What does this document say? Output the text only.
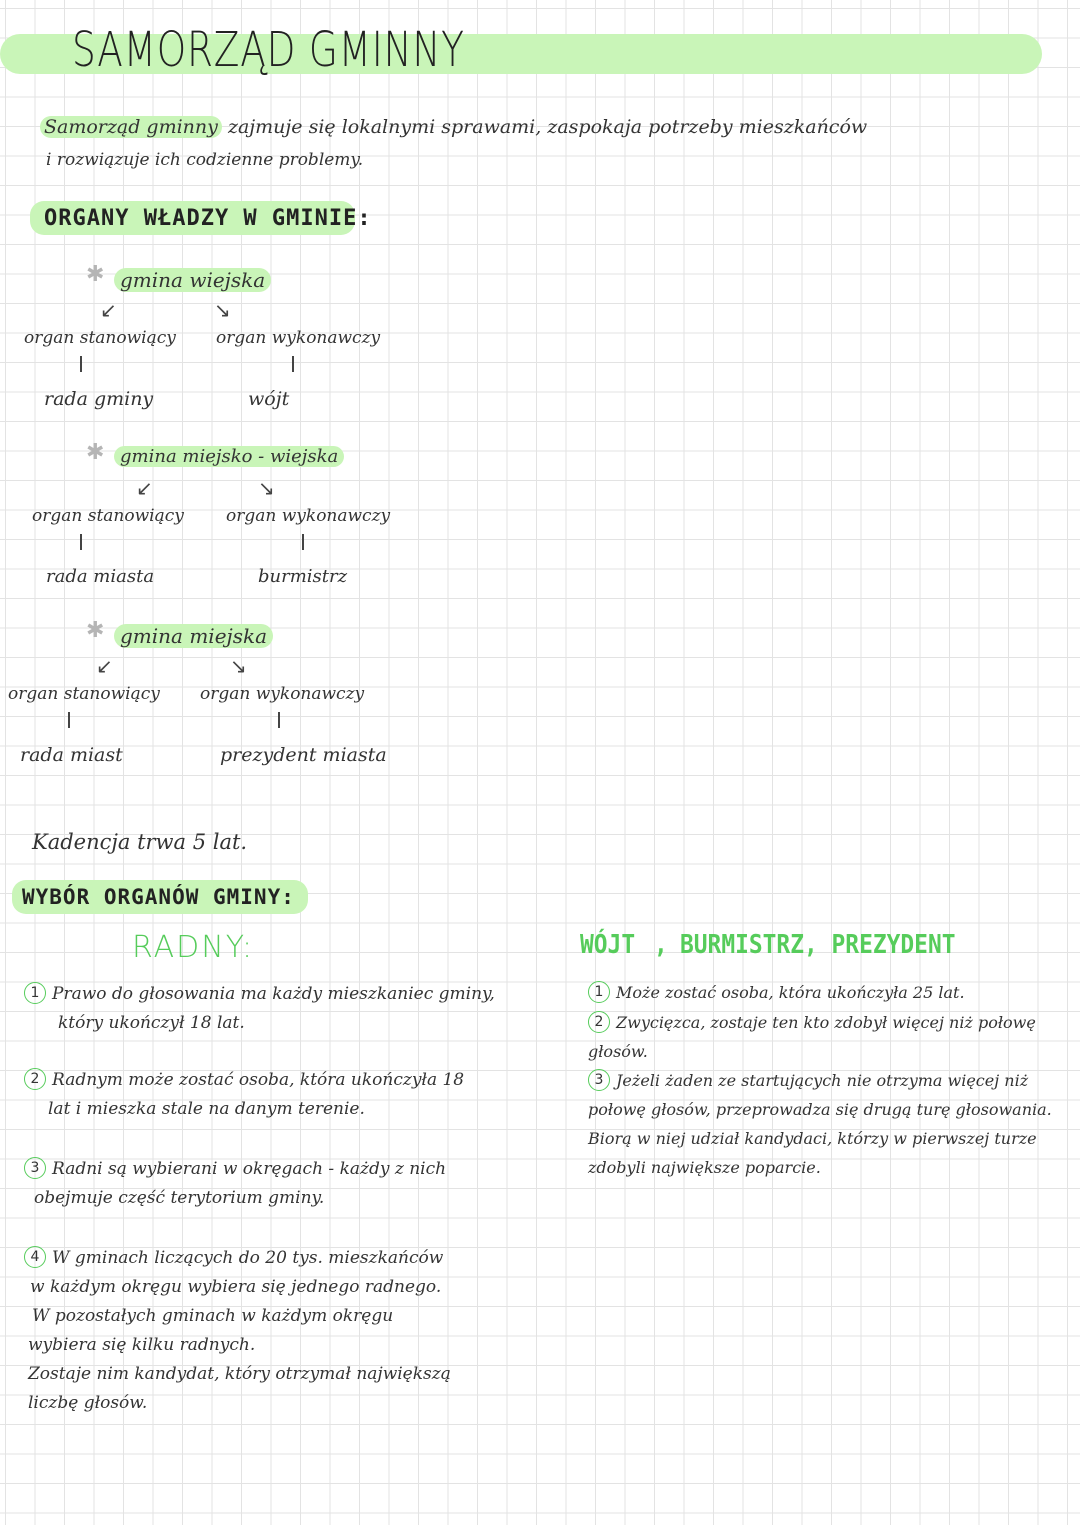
SAMORZĄD GMINNY
Samorząd gminny zajmuje się lokalnymi sprawami, zaspokaja potrzeby mieszkańców
i rozwiązuje ich codzienne problemy.
ORGANY WŁADZY W GMINIE:
✱ gmina wiejska
↙	↘
organ stanowiący organ wykonawczy
rada gminy	wójt
✱ gmina miejsko - wiejska
↙	↘
organ stanowiący organ wykonawczy
rada miasta	burmistrz
✱ gmina miejska
↙	↘
organ stanowiący organ wykonawczy
rada miast	prezydent miasta
Kadencja trwa 5 lat.
WYBÓR ORGANÓW GMINY:
RADNY:
1 Prawo do głosowania ma każdy mieszkaniec gminy,
który ukończył 18 lat.
2 Radnym może zostać osoba, która ukończyła 18
lat i mieszka stale na danym terenie.
3 Radni są wybierani w okręgach - każdy z nich
obejmuje część terytorium gminy.
4 W gminach liczących do 20 tys. mieszkańców
w każdym okręgu wybiera się jednego radnego.
W pozostałych gminach w każdym okręgu
wybiera się kilku radnych.
Zostaje nim kandydat, który otrzymał największą
liczbę głosów.
WÓJT , BURMISTRZ, PREZYDENT
1 Może zostać osoba, która ukończyła 25 lat.
2 Zwycięzca, zostaje ten kto zdobył więcej niż połowę
głosów.
3 Jeżeli żaden ze startujących nie otrzyma więcej niż
połowę głosów, przeprowadza się drugą turę głosowania.
Biorą w niej udział kandydaci, którzy w pierwszej turze
zdobyli największe poparcie.
